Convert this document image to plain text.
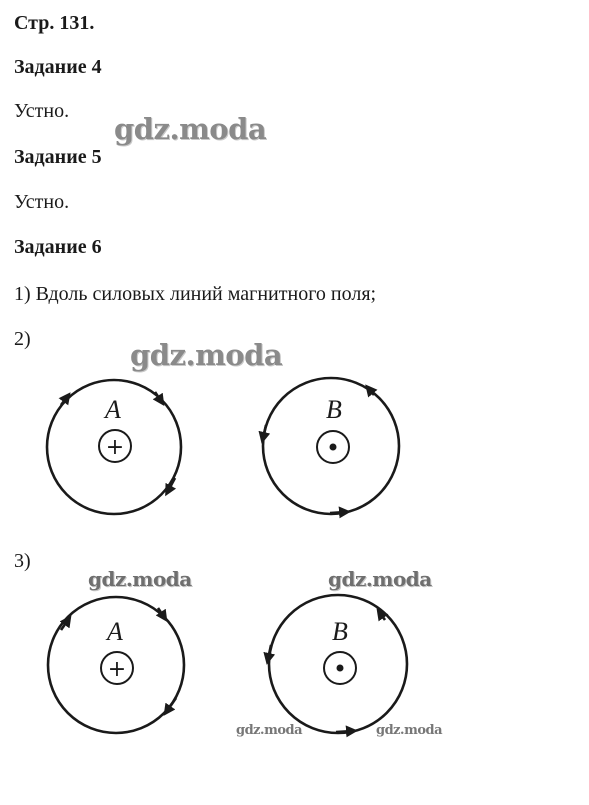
Стр. 131.
Задание 4
Устно.
Задание 5
Устно.
Задание 6
1) Вдоль силовых линий магнитного поля;
2)
3)
A
+
B
A
+
B
gdz.moda
gdz.moda
gdz.moda	gdz.moda
gdz.moda	gdz.moda
